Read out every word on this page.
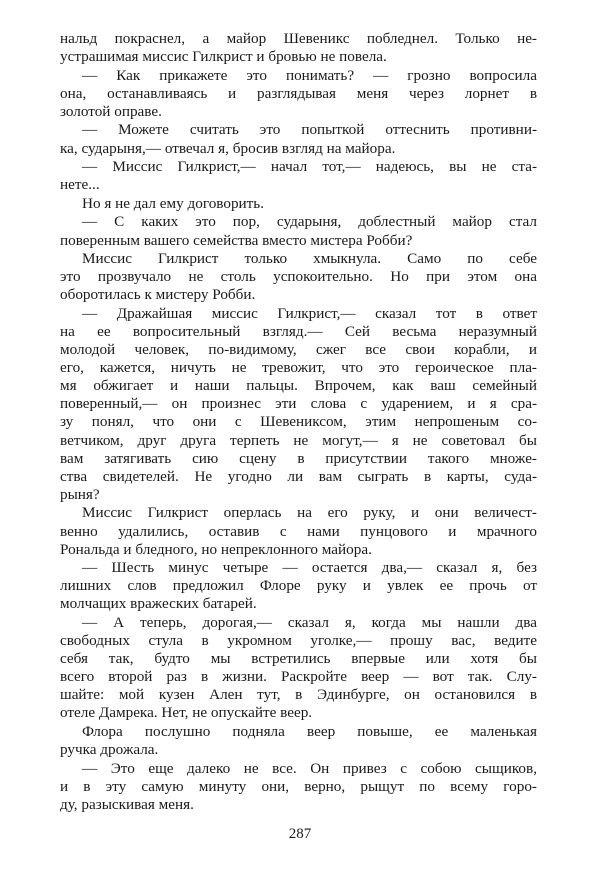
нальд покраснел, а майор Шевеникс побледнел. Только не-
устрашимая миссис Гилкрист и бровью не повела.
— Как прикажете это понимать? — грозно вопросила
она, останавливаясь и разглядывая меня через лорнет в
золотой оправе.
— Можете считать это попыткой оттеснить противни-
ка, сударыня,— отвечал я, бросив взгляд на майора.
— Миссис Гилкрист,— начал тот,— надеюсь, вы не ста-
нете...
Но я не дал ему договорить.
— С каких это пор, сударыня, доблестный майор стал
поверенным вашего семейства вместо мистера Робби?
Миссис Гилкрист только хмыкнула. Само по себе
это прозвучало не столь успокоительно. Но при этом она
оборотилась к мистеру Робби.
— Дражайшая миссис Гилкрист,— сказал тот в ответ
на ее вопросительный взгляд.— Сей весьма неразумный
молодой человек, по-видимому, сжег все свои корабли, и
его, кажется, ничуть не тревожит, что это героическое пла-
мя обжигает и наши пальцы. Впрочем, как ваш семейный
поверенный,— он произнес эти слова с ударением, и я сра-
зу понял, что они с Шевениксом, этим непрошеным со-
ветчиком, друг друга терпеть не могут,— я не советовал бы
вам затягивать сию сцену в присутствии такого множе-
ства свидетелей. Не угодно ли вам сыграть в карты, суда-
рыня?
Миссис Гилкрист оперлась на его руку, и они величест-
венно удалились, оставив с нами пунцового и мрачного
Рональда и бледного, но непреклонного майора.
— Шесть минус четыре — остается два,— сказал я, без
лишних слов предложил Флоре руку и увлек ее прочь от
молчащих вражеских батарей.
— А теперь, дорогая,— сказал я, когда мы нашли два
свободных стула в укромном уголке,— прошу вас, ведите
себя так, будто мы встретились впервые или хотя бы
всего второй раз в жизни. Раскройте веер — вот так. Слу-
шайте: мой кузен Ален тут, в Эдинбурге, он остановился в
отеле Дамрека. Нет, не опускайте веер.
Флора послушно подняла веер повыше, ее маленькая
ручка дрожала.
— Это еще далеко не все. Он привез с собою сыщиков,
и в эту самую минуту они, верно, рыщут по всему горо-
ду, разыскивая меня.
287
